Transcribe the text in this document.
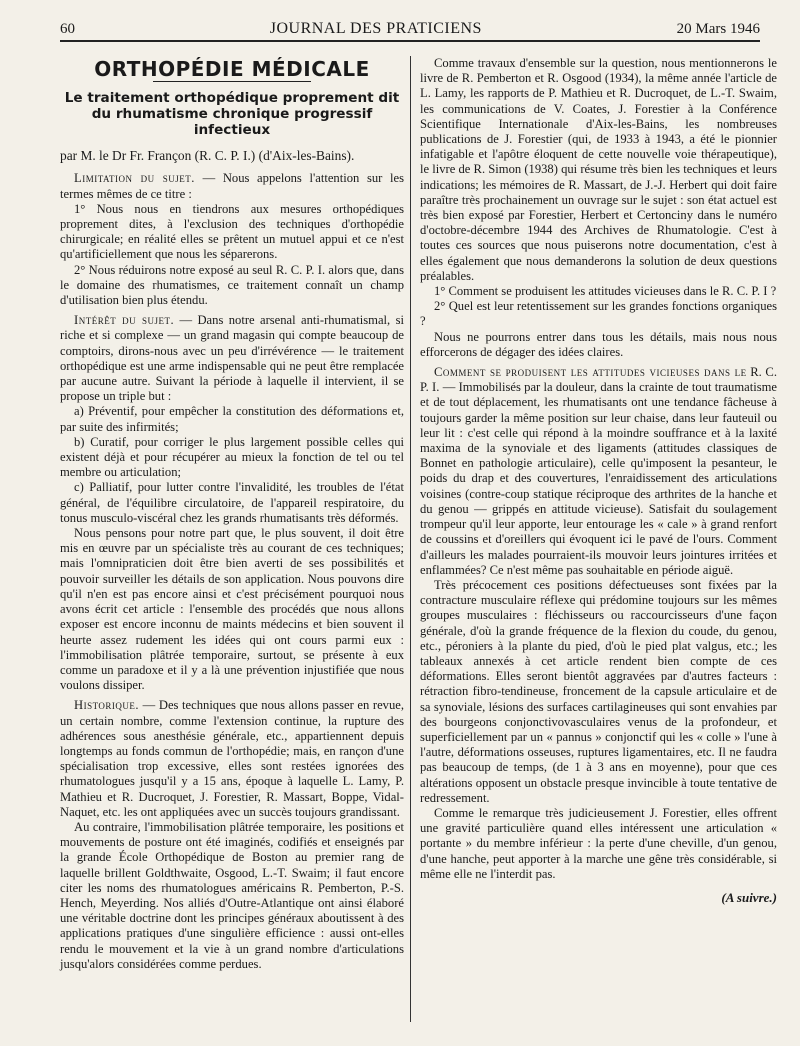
60	JOURNAL DES PRATICIENS	20 Mars 1946
ORTHOPÉDIE MÉDICALE
Le traitement orthopédique proprement dit du rhumatisme chronique progressif infectieux
par M. le Dr Fr. Françon (R. C. P. I.) (d'Aix-les-Bains).

Limitation du sujet. — Nous appelons l'attention sur les termes mêmes de ce titre :

1° Nous nous en tiendrons aux mesures orthopédiques proprement dites, à l'exclusion des techniques d'orthopédie chirurgicale; en réalité elles se prêtent un mutuel appui et ce n'est qu'artificiellement que nous les séparerons.

2° Nous réduirons notre exposé au seul R. C. P. I. alors que, dans le domaine des rhumatismes, ce traitement connaît un champ d'utilisation bien plus étendu.

Intérêt du sujet. — Dans notre arsenal anti-rhumatismal, si riche et si complexe — un grand magasin qui compte beaucoup de comptoirs, dirons-nous avec un peu d'irrévérence — le traitement orthopédique est une arme indispensable qui ne peut être remplacée par aucune autre. Suivant la période à laquelle il intervient, il se propose un triple but :

a) Préventif, pour empêcher la constitution des déformations et, par suite des infirmités;

b) Curatif, pour corriger le plus largement possible celles qui existent déjà et pour récupérer au mieux la fonction de tel ou tel membre ou articulation;

c) Palliatif, pour lutter contre l'invalidité, les troubles de l'état général, de l'équilibre circulatoire, de l'appareil respiratoire, du tonus musculo-viscéral chez les grands rhumatisants très déformés.

Nous pensons pour notre part que, le plus souvent, il doit être mis en œuvre par un spécialiste très au courant de ces techniques; mais l'omnipraticien doit être bien averti de ses possibilités et pouvoir surveiller les détails de son application. Nous pouvons dire qu'il n'en est pas encore ainsi et c'est précisément pourquoi nous avons écrit cet article : l'ensemble des procédés que nous allons exposer est encore inconnu de maints médecins et bien souvent il heurte assez rudement les idées qui ont cours parmi eux : l'immobilisation plâtrée temporaire, surtout, se présente à eux comme un paradoxe et il y a là une prévention injustifiée que nous voulons dissiper.

Historique. — Des techniques que nous allons passer en revue, un certain nombre, comme l'extension continue, la rupture des adhérences sous anesthésie générale, etc., appartiennent depuis longtemps au fonds commun de l'orthopédie; mais, en rançon d'une spécialisation trop excessive, elles sont restées ignorées des rhumatologues jusqu'il y a 15 ans, époque à laquelle L. Lamy, P. Mathieu et R. Ducroquet, J. Forestier, R. Massart, Boppe, Vidal-Naquet, etc. les ont appliquées avec un succès toujours grandissant.

Au contraire, l'immobilisation plâtrée temporaire, les positions et mouvements de posture ont été imaginés, codifiés et enseignés par la grande École Orthopédique de Boston au premier rang de laquelle brillent Goldthwaite, Osgood, L.-T. Swaim; il faut encore citer les noms des rhumatologues américains R. Pemberton, P.-S. Hench, Meyerding. Nos alliés d'Outre-Atlantique ont ainsi élaboré une véritable doctrine dont les principes généraux aboutissent à des applications pratiques d'une singulière efficience : aussi ont-elles rendu le mouvement et la vie à un grand nombre d'articulations jusqu'alors considérées comme perdues.

Comme travaux d'ensemble sur la question, nous mentionnerons le livre de R. Pemberton et R. Osgood (1934), la même année l'article de L. Lamy, les rapports de P. Mathieu et R. Ducroquet, de L.-T. Swaim, les communications de V. Coates, J. Forestier à la Conférence Scientifique Internationale d'Aix-les-Bains, les nombreuses publications de J. Forestier (qui, de 1933 à 1943, a été le pionnier infatigable et l'apôtre éloquent de cette nouvelle voie thérapeutique), le livre de R. Simon (1938) qui résume très bien les techniques et leurs indications; les mémoires de R. Massart, de J.-J. Herbert qui doit faire paraître très prochainement un ouvrage sur le sujet : son état actuel est très bien exposé par Forestier, Herbert et Certonciny dans le numéro d'octobre-décembre 1944 des Archives de Rhumatologie. C'est à toutes ces sources que nous puiserons notre documentation, c'est à elles également que nous demanderons la solution de deux questions préalables.

1° Comment se produisent les attitudes vicieuses dans le R. C. P. I ?

2° Quel est leur retentissement sur les grandes fonctions organiques ?

Nous ne pourrons entrer dans tous les détails, mais nous nous efforcerons de dégager des idées claires.

Comment se produisent les attitudes vicieuses dans le R. C. P. I. — Immobilisés par la douleur, dans la crainte de tout traumatisme et de tout déplacement, les rhumatisants ont une tendance fâcheuse à toujours garder la même position sur leur chaise, dans leur fauteuil ou leur lit : c'est celle qui répond à la moindre souffrance et à la laxité maxima de la synoviale et des ligaments (attitudes classiques de Bonnet en pathologie articulaire), celle qu'imposent la pesanteur, le poids du drap et des couvertures, l'enraidissement des articulations voisines (contre-coup statique réciproque des arthrites de la hanche et du genou — grippés en attitude vicieuse). Satisfait du soulagement trompeur qu'il leur apporte, leur entourage les « cale » à grand renfort de coussins et d'oreillers qui évoquent ici le pavé de l'ours. Comment d'ailleurs les malades pourraient-ils mouvoir leurs jointures irritées et enflammées? Ce n'est même pas souhaitable en période aiguë.

Très précocement ces positions défectueuses sont fixées par la contracture musculaire réflexe qui prédomine toujours sur les mêmes groupes musculaires : fléchisseurs ou raccourcisseurs d'une façon générale, d'où la grande fréquence de la flexion du coude, du genou, etc., péroniers à la plante du pied, d'où le pied plat valgus, etc.; les tableaux annexés à cet article rendent bien compte de ces déformations. Elles seront bientôt aggravées par d'autres facteurs : rétraction fibro-tendineuse, froncement de la capsule articulaire et de sa synoviale, lésions des surfaces cartilagineuses qui sont envahies par des bourgeons conjonctivovasculaires venus de la profondeur, et superficiellement par un « pannus » conjonctif qui les « colle » l'une à l'autre, déformations osseuses, ruptures ligamentaires, etc. Il ne faudra pas beaucoup de temps, (de 1 à 3 ans en moyenne), pour que ces altérations opposent un obstacle presque invincible à toute tentative de redressement.

Comme le remarque très judicieusement J. Forestier, elles offrent une gravité particulière quand elles intéressent une articulation « portante » du membre inférieur : la perte d'une cheville, d'un genou, d'une hanche, peut apporter à la marche une gêne très considérable, si même elle ne l'interdit pas.

(A suivre.)
